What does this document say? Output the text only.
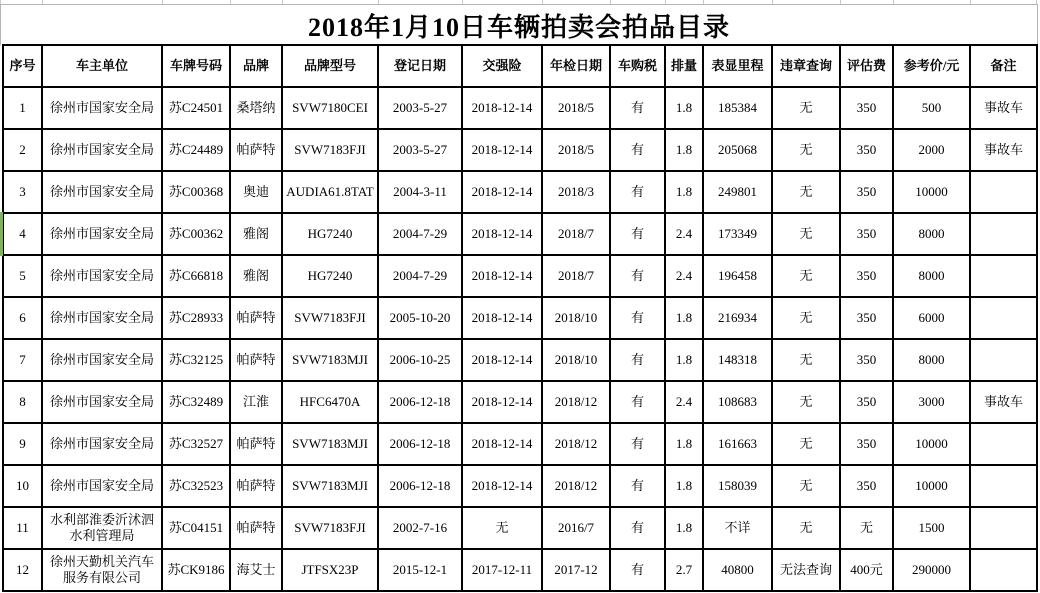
2018年1月10日车辆拍卖会拍品目录
序号	车主单位	车牌号码	品牌	品牌型号	登记日期	交强险	年检日期	车购税	排量	表显里程	违章查询	评估费	参考价/元	备注
1	徐州市国家安全局	苏C24501	桑塔纳	SVW7180CEI	2003-5-27	2018-12-14	2018/5	有	1.8	185384	无	350	500	事故车
2	徐州市国家安全局	苏C24489	帕萨特	SVW7183FJI	2003-5-27	2018-12-14	2018/5	有	1.8	205068	无	350	2000	事故车
3	徐州市国家安全局	苏C00368	奥迪	AUDIA61.8TAT	2004-3-11	2018-12-14	2018/3	有	1.8	249801	无	350	10000	
4	徐州市国家安全局	苏C00362	雅阁	HG7240	2004-7-29	2018-12-14	2018/7	有	2.4	173349	无	350	8000	
5	徐州市国家安全局	苏C66818	雅阁	HG7240	2004-7-29	2018-12-14	2018/7	有	2.4	196458	无	350	8000	
6	徐州市国家安全局	苏C28933	帕萨特	SVW7183FJI	2005-10-20	2018-12-14	2018/10	有	1.8	216934	无	350	6000	
7	徐州市国家安全局	苏C32125	帕萨特	SVW7183MJI	2006-10-25	2018-12-14	2018/10	有	1.8	148318	无	350	8000	
8	徐州市国家安全局	苏C32489	江淮	HFC6470A	2006-12-18	2018-12-14	2018/12	有	2.4	108683	无	350	3000	事故车
9	徐州市国家安全局	苏C32527	帕萨特	SVW7183MJI	2006-12-18	2018-12-14	2018/12	有	1.8	161663	无	350	10000	
10	徐州市国家安全局	苏C32523	帕萨特	SVW7183MJI	2006-12-18	2018-12-14	2018/12	有	1.8	158039	无	350	10000	
11	水利部淮委沂沭泗水利管理局	苏C04151	帕萨特	SVW7183FJI	2002-7-16	无	2016/7	有	1.8	不详	无	无	1500	
12	徐州天勤机关汽车服务有限公司	苏CK9186	海艾士	JTFSX23P	2015-12-1	2017-12-11	2017-12	有	2.7	40800	无法查询	400元	290000	
